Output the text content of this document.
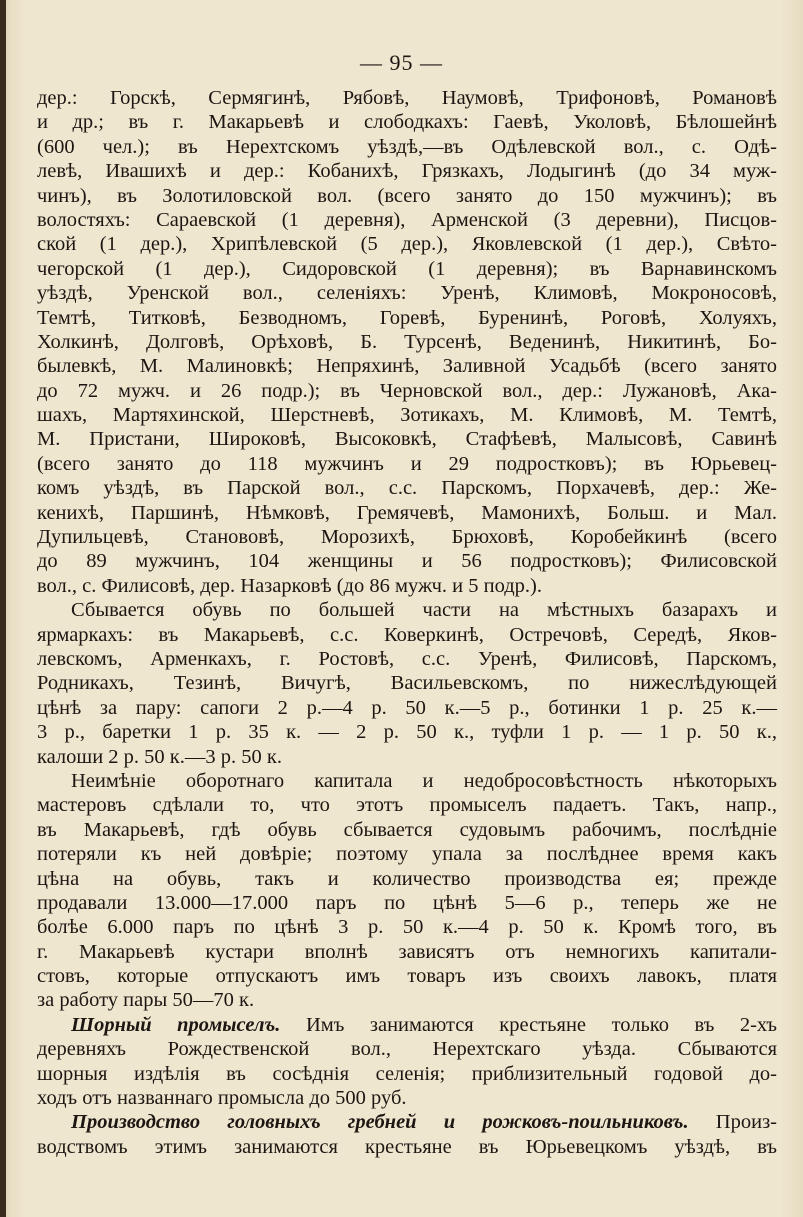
— 95 —
дер.: Горскѣ, Сермягинѣ, Рябовѣ, Наумовѣ, Трифоновѣ, Романовѣ
и др.; въ г. Макарьевѣ и слободкахъ: Гаевѣ, Уколовѣ, Бѣлошейнѣ
(600 чел.); въ Нерехтскомъ уѣздѣ,—въ Одѣлевской вол., с. Одѣ-
левѣ, Ивашихѣ и дер.: Кобанихѣ, Грязкахъ, Лодыгинѣ (до 34 муж-
чинъ), въ Золотиловской вол. (всего занято до 150 мужчинъ); въ
волостяхъ: Сараевской (1 деревня), Арменской (3 деревни), Писцов-
ской (1 дер.), Хрипѣлевской (5 дер.), Яковлевской (1 дер.), Свѣто-
чегорской (1 дер.), Сидоровской (1 деревня); въ Варнавинскомъ
уѣздѣ, Уренской вол., селеніяхъ: Уренѣ, Климовѣ, Мокроносовѣ,
Темтѣ, Титковѣ, Безводномъ, Горевѣ, Буренинѣ, Роговѣ, Холуяхъ,
Холкинѣ, Долговѣ, Орѣховѣ, Б. Турсенѣ, Веденинѣ, Никитинѣ, Бо-
былевкѣ, М. Малиновкѣ; Непряхинѣ, Заливной Усадьбѣ (всего занято
до 72 мужч. и 26 подр.); въ Черновской вол., дер.: Лужановѣ, Ака-
шахъ, Мартяхинской, Шерстневѣ, Зотикахъ, М. Климовѣ, М. Темтѣ,
М. Пристани, Широковѣ, Высоковкѣ, Стафѣевѣ, Малысовѣ, Савинѣ
(всего занято до 118 мужчинъ и 29 подростковъ); въ Юрьевец-
комъ уѣздѣ, въ Парской вол., с.с. Парскомъ, Порхачевѣ, дер.: Же-
кенихѣ, Паршинѣ, Нѣмковѣ, Гремячевѣ, Мамонихѣ, Больш. и Мал.
Дупильцевѣ, Станововѣ, Морозихѣ, Брюховѣ, Коробейкинѣ (всего
до 89 мужчинъ, 104 женщины и 56 подростковъ); Филисовской
вол., с. Филисовѣ, дер. Назарковѣ (до 86 мужч. и 5 подр.).
Сбывается обувь по большей части на мѣстныхъ базарахъ и
ярмаркахъ: въ Макарьевѣ, с.с. Коверкинѣ, Остречовѣ, Середѣ, Яков-
левскомъ, Арменкахъ, г. Ростовѣ, с.с. Уренѣ, Филисовѣ, Парскомъ,
Родникахъ, Тезинѣ, Вичугѣ, Васильевскомъ, по нижеслѣдующей
цѣнѣ за пару: сапоги 2 р.—4 р. 50 к.—5 р., ботинки 1 р. 25 к.—
3 р., баретки 1 р. 35 к. — 2 р. 50 к., туфли 1 р. — 1 р. 50 к.,
калоши 2 р. 50 к.—3 р. 50 к.
Неимѣніе оборотнаго капитала и недобросовѣстность нѣкоторыхъ
мастеровъ сдѣлали то, что этотъ промыселъ падаетъ. Такъ, напр.,
въ Макарьевѣ, гдѣ обувь сбывается судовымъ рабочимъ, послѣдніе
потеряли къ ней довѣріе; поэтому упала за послѣднее время какъ
цѣна на обувь, такъ и количество производства ея; прежде
продавали 13.000—17.000 паръ по цѣнѣ 5—6 р., теперь же не
болѣе 6.000 паръ по цѣнѣ 3 р. 50 к.—4 р. 50 к. Кромѣ того, въ
г. Макарьевѣ кустари вполнѣ зависятъ отъ немногихъ капитали-
стовъ, которые отпускаютъ имъ товаръ изъ своихъ лавокъ, платя
за работу пары 50—70 к.
Шорный промыселъ. Имъ занимаются крестьяне только въ 2-хъ
деревняхъ Рождественской вол., Нерехтскаго уѣзда. Сбываются
шорныя издѣлія въ сосѣднія селенія; приблизительный годовой до-
ходъ отъ названнаго промысла до 500 руб.
Производство головныхъ гребней и рожковъ-поильниковъ. Произ-
водствомъ этимъ занимаются крестьяне въ Юрьевецкомъ уѣздѣ, въ
